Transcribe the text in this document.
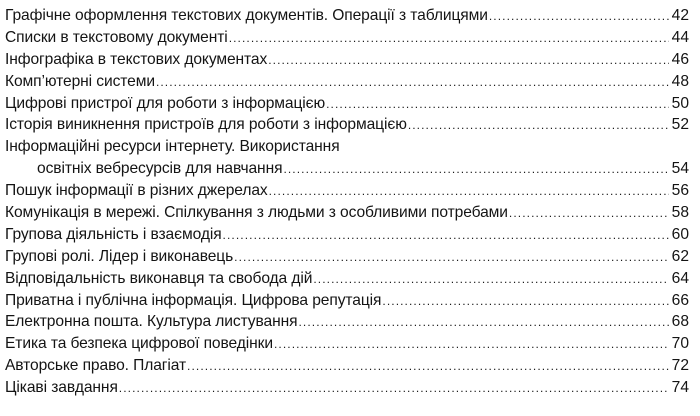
Графічне оформлення текстових документів. Операції з таблицями .....	42
Списки в текстовому документі .....	44
Інфографіка в текстових документах .....	46
Комп’ютерні системи .....	48
Цифрові пристрої для роботи з інформацією .....	50
Історія виникнення пристроїв для роботи з інформацією .....	52
Інформаційні ресурси інтернету. Використання
освітніх вебресурсів для навчання .....	54
Пошук інформації в різних джерелах .....	56
Комунікація в мережі. Спілкування з людьми з особливими потребами .....	58
Групова діяльність і взаємодія .....	60
Групові ролі. Лідер і виконавець .....	62
Відповідальність виконавця та свобода дій .....	64
Приватна і публічна інформація. Цифрова репутація .....	66
Електронна пошта. Культура листування .....	68
Етика та безпека цифрової поведінки .....	70
Авторське право. Плагіат .....	72
Цікаві завдання .....	74
